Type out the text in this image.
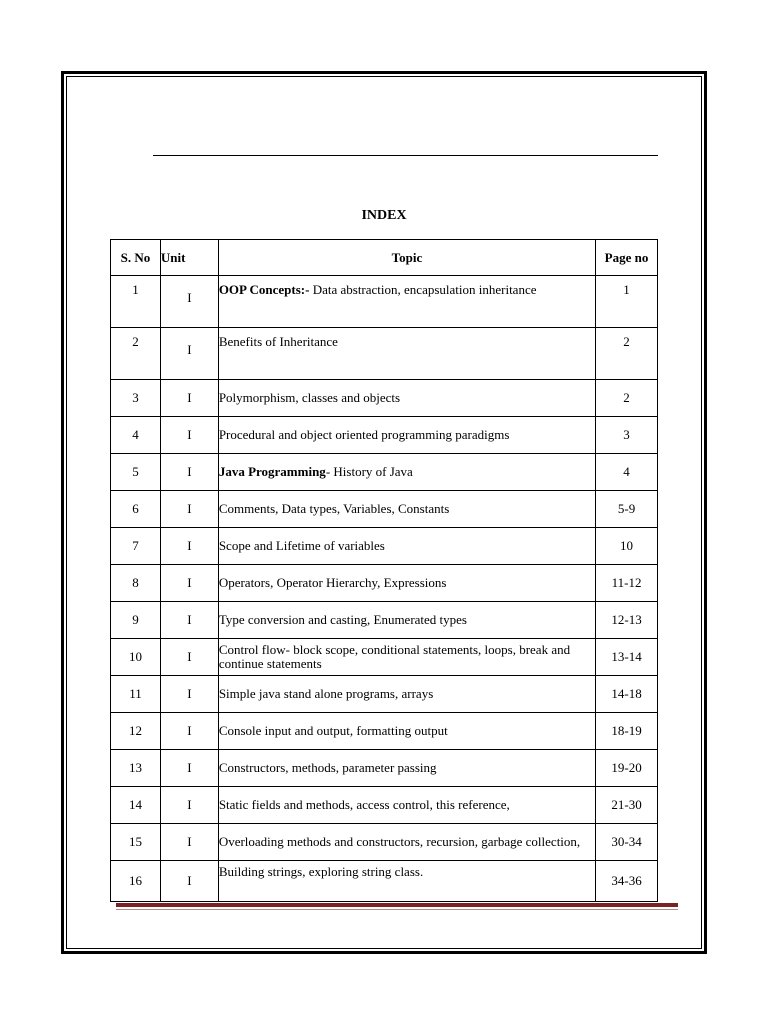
INDEX
S. No	Unit	Topic	Page no
1	I	OOP Concepts:- Data abstraction, encapsulation inheritance	1
2	I	Benefits of Inheritance	2
3	I	Polymorphism, classes and objects	2
4	I	Procedural and object oriented programming paradigms	3
5	I	Java Programming- History of Java	4
6	I	Comments, Data types, Variables, Constants	5-9
7	I	Scope and Lifetime of variables	10
8	I	Operators, Operator Hierarchy, Expressions	11-12
9	I	Type conversion and casting, Enumerated types	12-13
10	I	Control flow- block scope, conditional statements, loops, break and continue statements	13-14
11	I	Simple java stand alone programs, arrays	14-18
12	I	Console input and output, formatting output	18-19
13	I	Constructors, methods, parameter passing	19-20
14	I	Static fields and methods, access control, this reference,	21-30
15	I	Overloading methods and constructors, recursion, garbage collection,	30-34
16	I	Building strings, exploring string class.	34-36
